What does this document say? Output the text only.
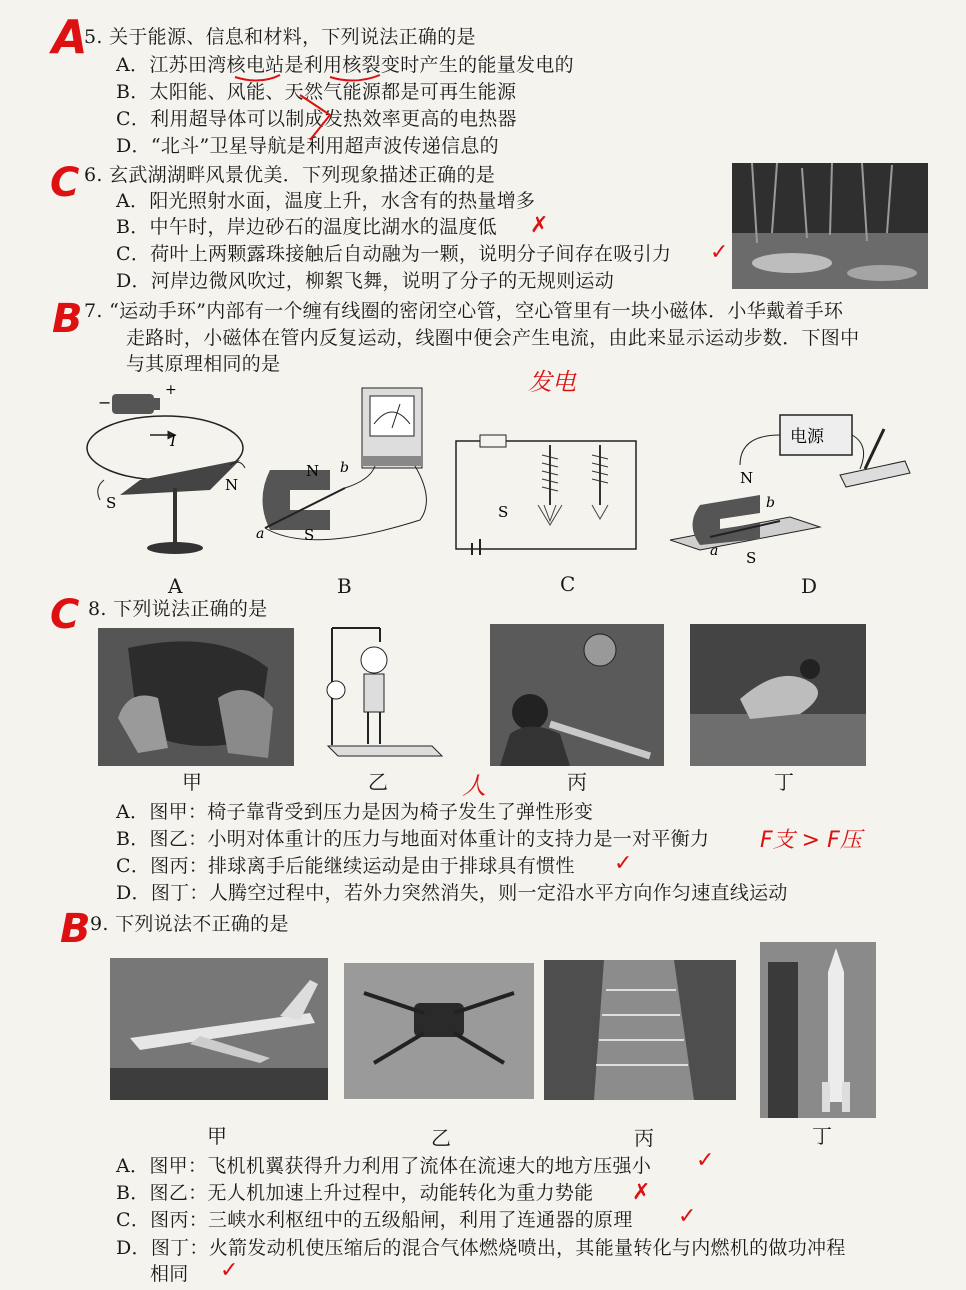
A
5. 关于能源、信息和材料，下列说法正确的是
A．江苏田湾核电站是利用核裂变时产生的能量发电的
B．太阳能、风能、天然气能源都是可再生能源
C．利用超导体可以制成发热效率更高的电热器
D．“北斗”卫星导航是利用超声波传递信息的
C 6. 玄武湖湖畔风景优美．下列现象描述正确的是
A．阳光照射水面，温度上升，水含有的热量增多
B．中午时，岸边砂石的温度比湖水的温度低 ✗
C．荷叶上两颗露珠接触后自动融为一颗，说明分子间存在吸引力 ✓
D．河岸边微风吹过，柳絮飞舞，说明了分子的无规则运动
B 7. “运动手环”内部有一个缠有线圈的密闭空心管，空心管里有一块小磁体．小华戴着手环
走路时，小磁体在管内反复运动，线圈中便会产生电流，由此来显示运动步数．下图中
与其原理相同的是
发电
+
−
I
S
N
N
S
a
b
S
电源
N
S
a
b
A	B	C	D
C 8. 下列说法正确的是
甲	乙	人	丙	丁
A．图甲：椅子靠背受到压力是因为椅子发生了弹性形变
B．图乙：小明对体重计的压力与地面对体重计的支持力是一对平衡力 F支 > F压
C．图丙：排球离手后能继续运动是由于排球具有惯性 ✓
D．图丁：人腾空过程中，若外力突然消失，则一定沿水平方向作匀速直线运动
B 9. 下列说法不正确的是
甲	乙	丙	丁
A．图甲：飞机机翼获得升力利用了流体在流速大的地方压强小 ✓
B．图乙：无人机加速上升过程中，动能转化为重力势能 ✗
C．图丙：三峡水利枢纽中的五级船闸，利用了连通器的原理 ✓
D．图丁：火箭发动机使压缩后的混合气体燃烧喷出，其能量转化与内燃机的做功冲程
相同 ✓
